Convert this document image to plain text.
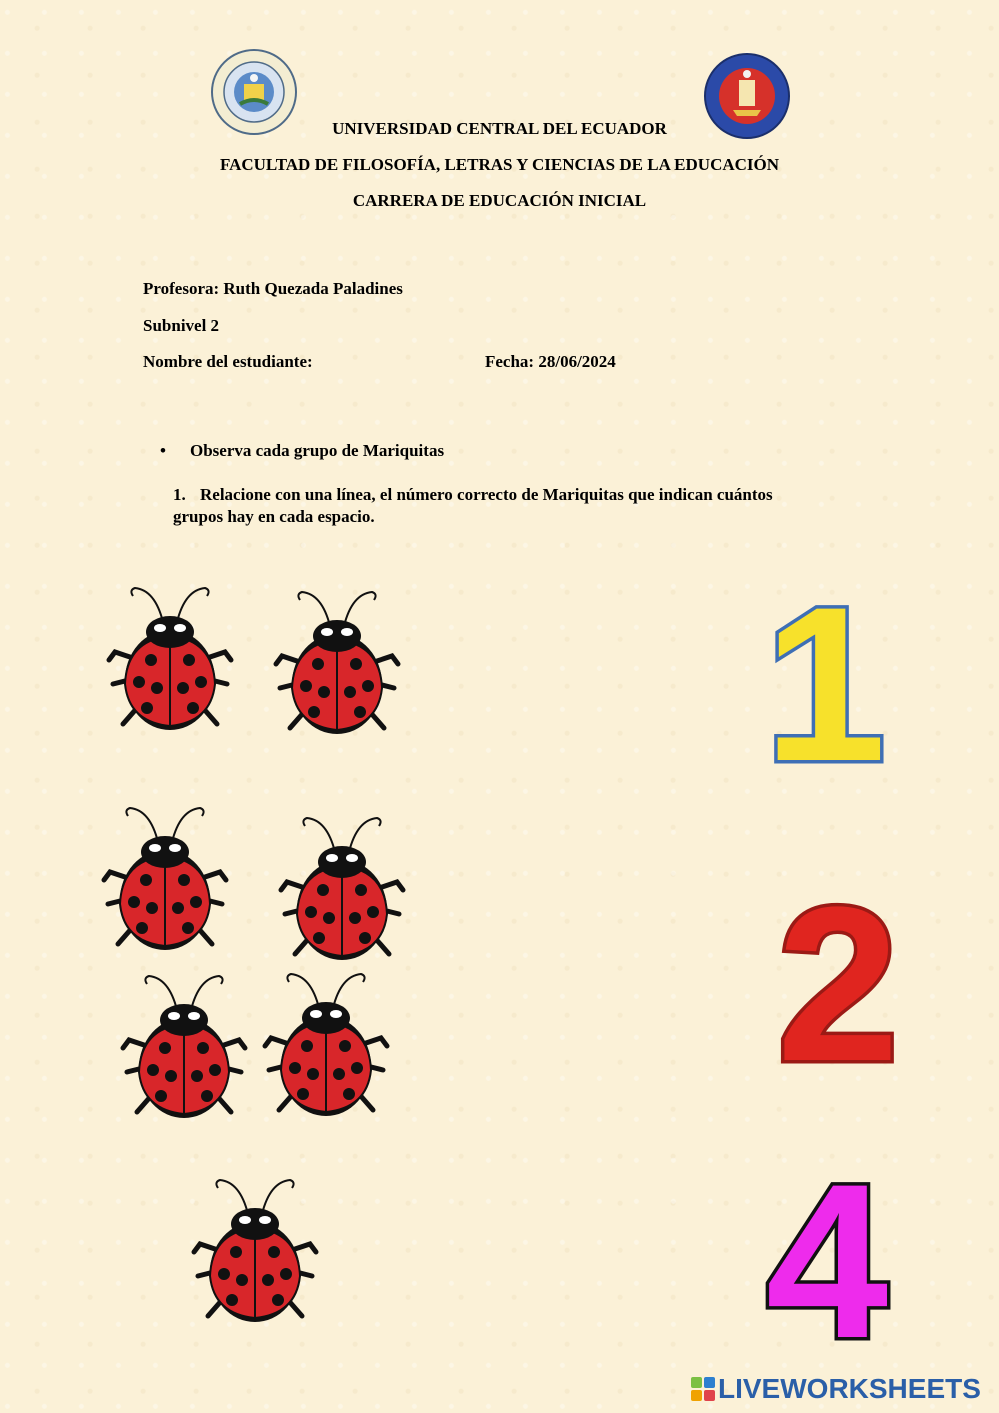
UNIVERSIDAD CENTRAL DEL ECUADOR
FACULTAD DE FILOSOFÍA, LETRAS Y CIENCIAS DE LA EDUCACIÓN
CARRERA DE EDUCACIÓN INICIAL
Profesora: Ruth Quezada Paladines
Subnivel 2
Nombre del estudiante:	Fecha: 28/06/2024
• Observa cada grupo de Mariquitas
1. Relacione con una línea, el número correcto de Mariquitas que indican cuántos
grupos hay en cada espacio.
1
2
4
LIVEWORKSHEETS
